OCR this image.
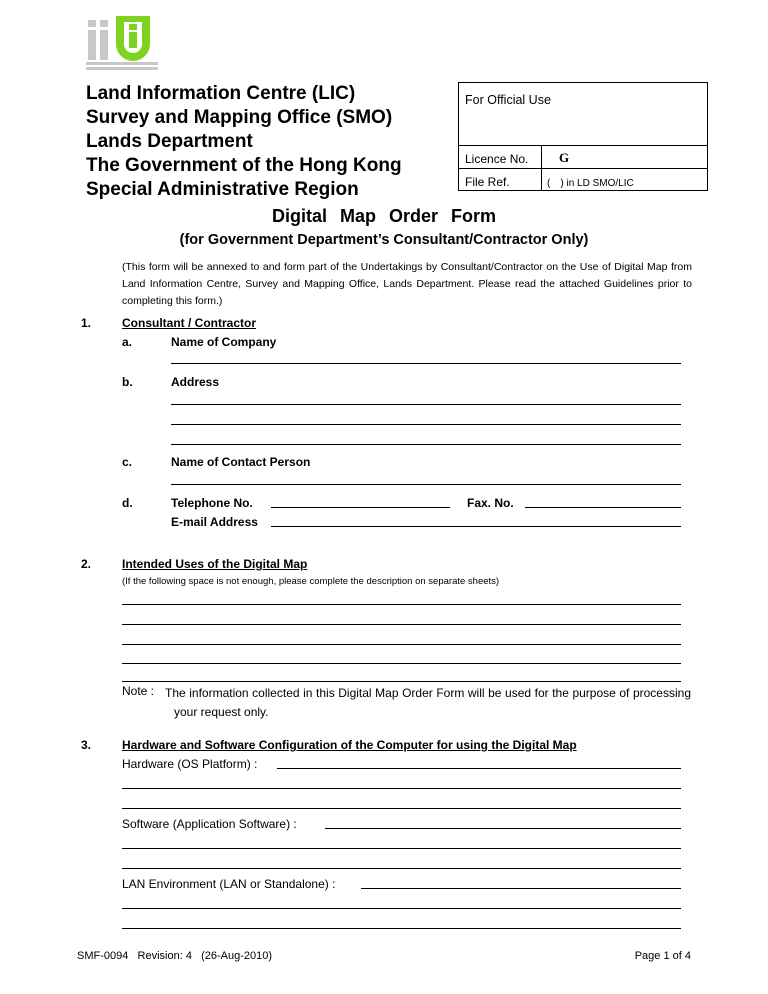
Land Information Centre (LIC)
Survey and Mapping Office (SMO)
Lands Department
The Government of the Hong Kong
Special Administrative Region
For Official Use
Licence No. G
File Ref.	( ) in LD SMO/LIC
Digital Map Order Form
(for Government Department’s Consultant/Contractor Only)
(This form will be annexed to and form part of the Undertakings by Consultant/Contractor on the Use of Digital Map from Land Information Centre, Survey and Mapping Office, Lands Department. Please read the attached Guidelines prior to completing this form.)
1.	Consultant / Contractor
a.	Name of Company
b.	Address
c.	Name of Contact Person
d.	Telephone No.	Fax. No.
E-mail Address
2.	Intended Uses of the Digital Map
(If the following space is not enough, please complete the description on separate sheets)
Note : The information collected in this Digital Map Order Form will be used for the purpose of processing your request only.
3.	Hardware and Software Configuration of the Computer for using the Digital Map
Hardware (OS Platform) :
Software (Application Software) :
LAN Environment (LAN or Standalone) :
SMF-0094   Revision: 4   (26-Aug-2010)	Page 1 of 4
